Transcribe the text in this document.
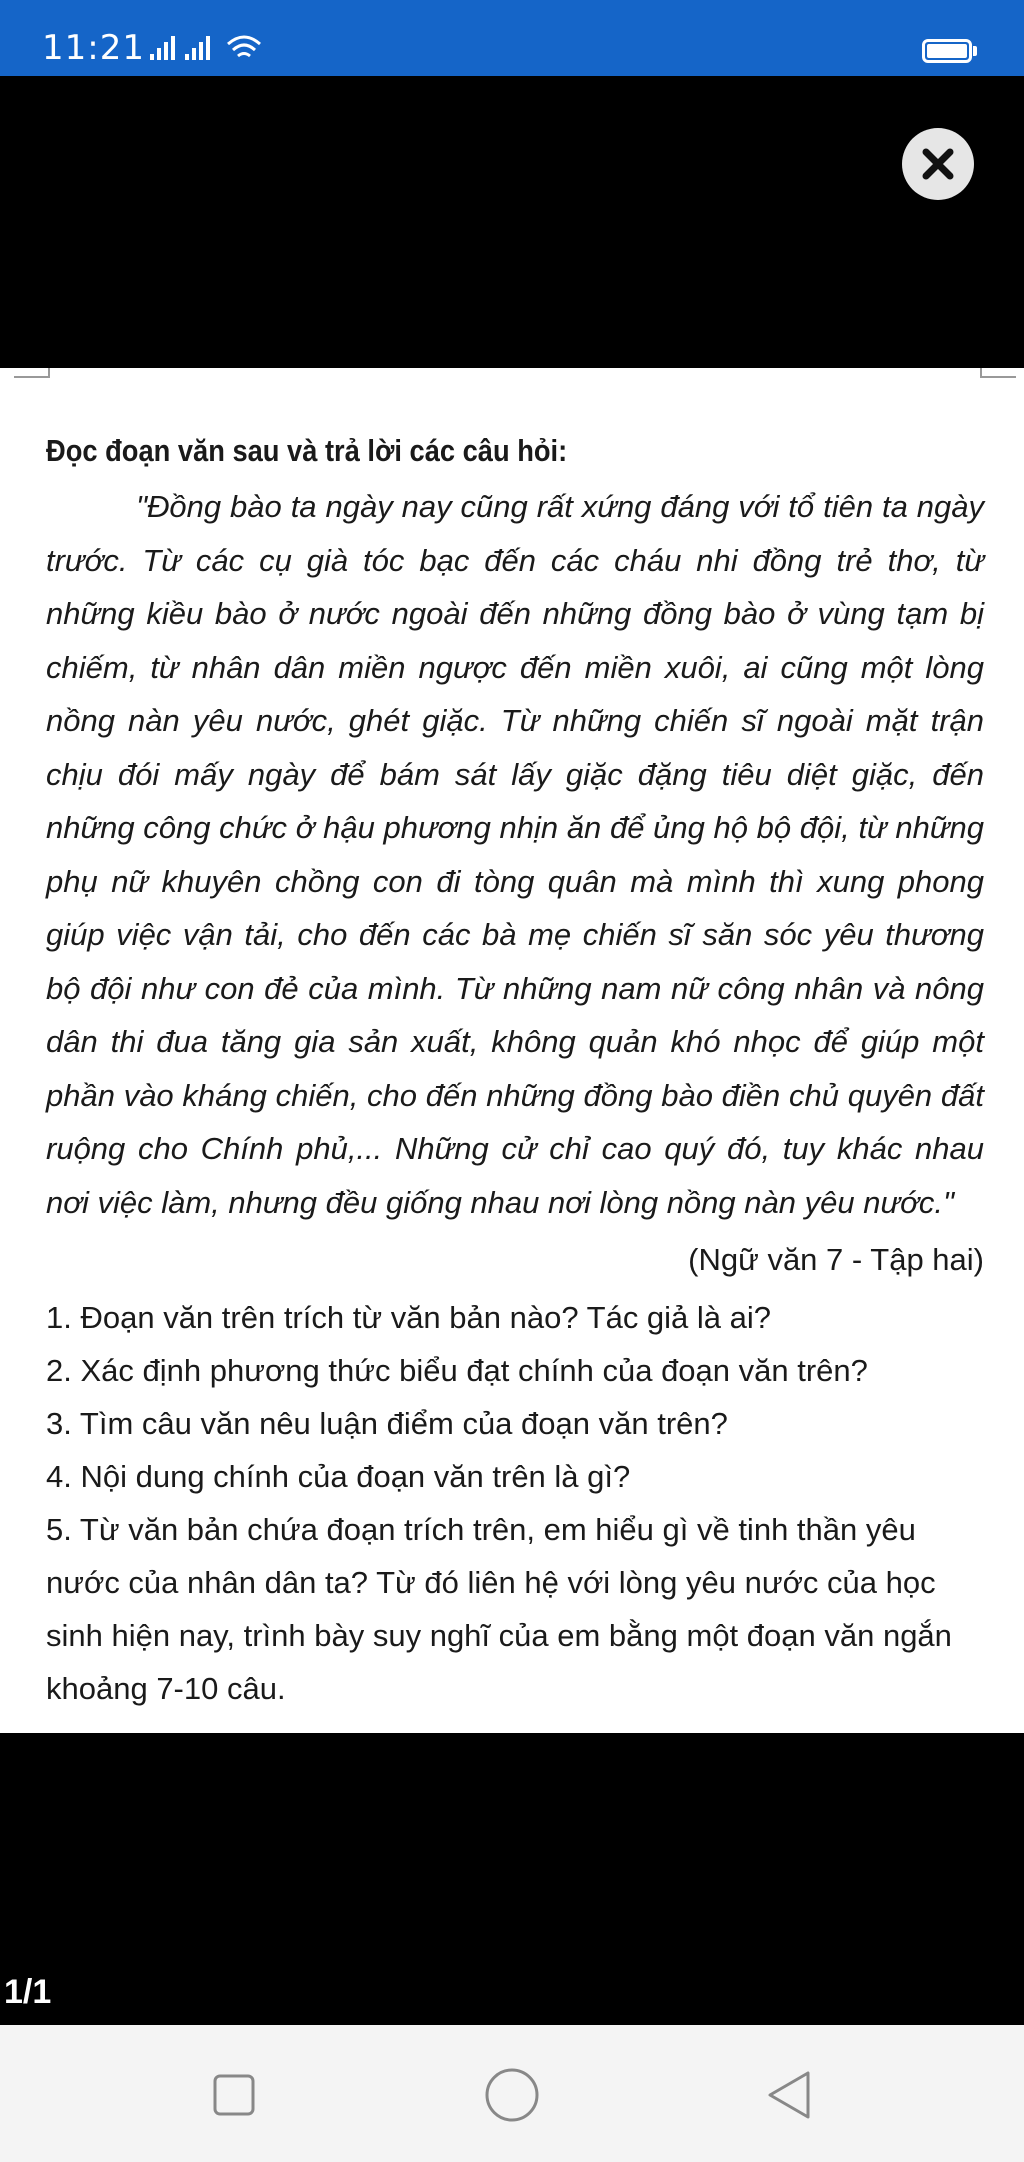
11:21
Đọc đoạn văn sau và trả lời các câu hỏi:
"Đồng bào ta ngày nay cũng rất xứng đáng với tổ tiên ta ngày trước. Từ các cụ già tóc bạc đến các cháu nhi đồng trẻ thơ, từ những kiều bào ở nước ngoài đến những đồng bào ở vùng tạm bị chiếm, từ nhân dân miền ngược đến miền xuôi, ai cũng một lòng nồng nàn yêu nước, ghét giặc. Từ những chiến sĩ ngoài mặt trận chịu đói mấy ngày để bám sát lấy giặc đặng tiêu diệt giặc, đến những công chức ở hậu phương nhịn ăn để ủng hộ bộ đội, từ những phụ nữ khuyên chồng con đi tòng quân mà mình thì xung phong giúp việc vận tải, cho đến các bà mẹ chiến sĩ săn sóc yêu thương bộ đội như con đẻ của mình. Từ những nam nữ công nhân và nông dân thi đua tăng gia sản xuất, không quản khó nhọc để giúp một phần vào kháng chiến, cho đến những đồng bào điền chủ quyên đất ruộng cho Chính phủ,... Những cử chỉ cao quý đó, tuy khác nhau nơi việc làm, nhưng đều giống nhau nơi lòng nồng nàn yêu nước."
(Ngữ văn 7 - Tập hai)
1. Đoạn văn trên trích từ văn bản nào? Tác giả là ai?
2. Xác định phương thức biểu đạt chính của đoạn văn trên?
3. Tìm câu văn nêu luận điểm của đoạn văn trên?
4. Nội dung chính của đoạn văn trên là gì?
5. Từ văn bản chứa đoạn trích trên, em hiểu gì về tinh thần yêu nước của nhân dân ta? Từ đó liên hệ với lòng yêu nước của học sinh hiện nay, trình bày suy nghĩ của em bằng một đoạn văn ngắn khoảng 7-10 câu.
1/1
